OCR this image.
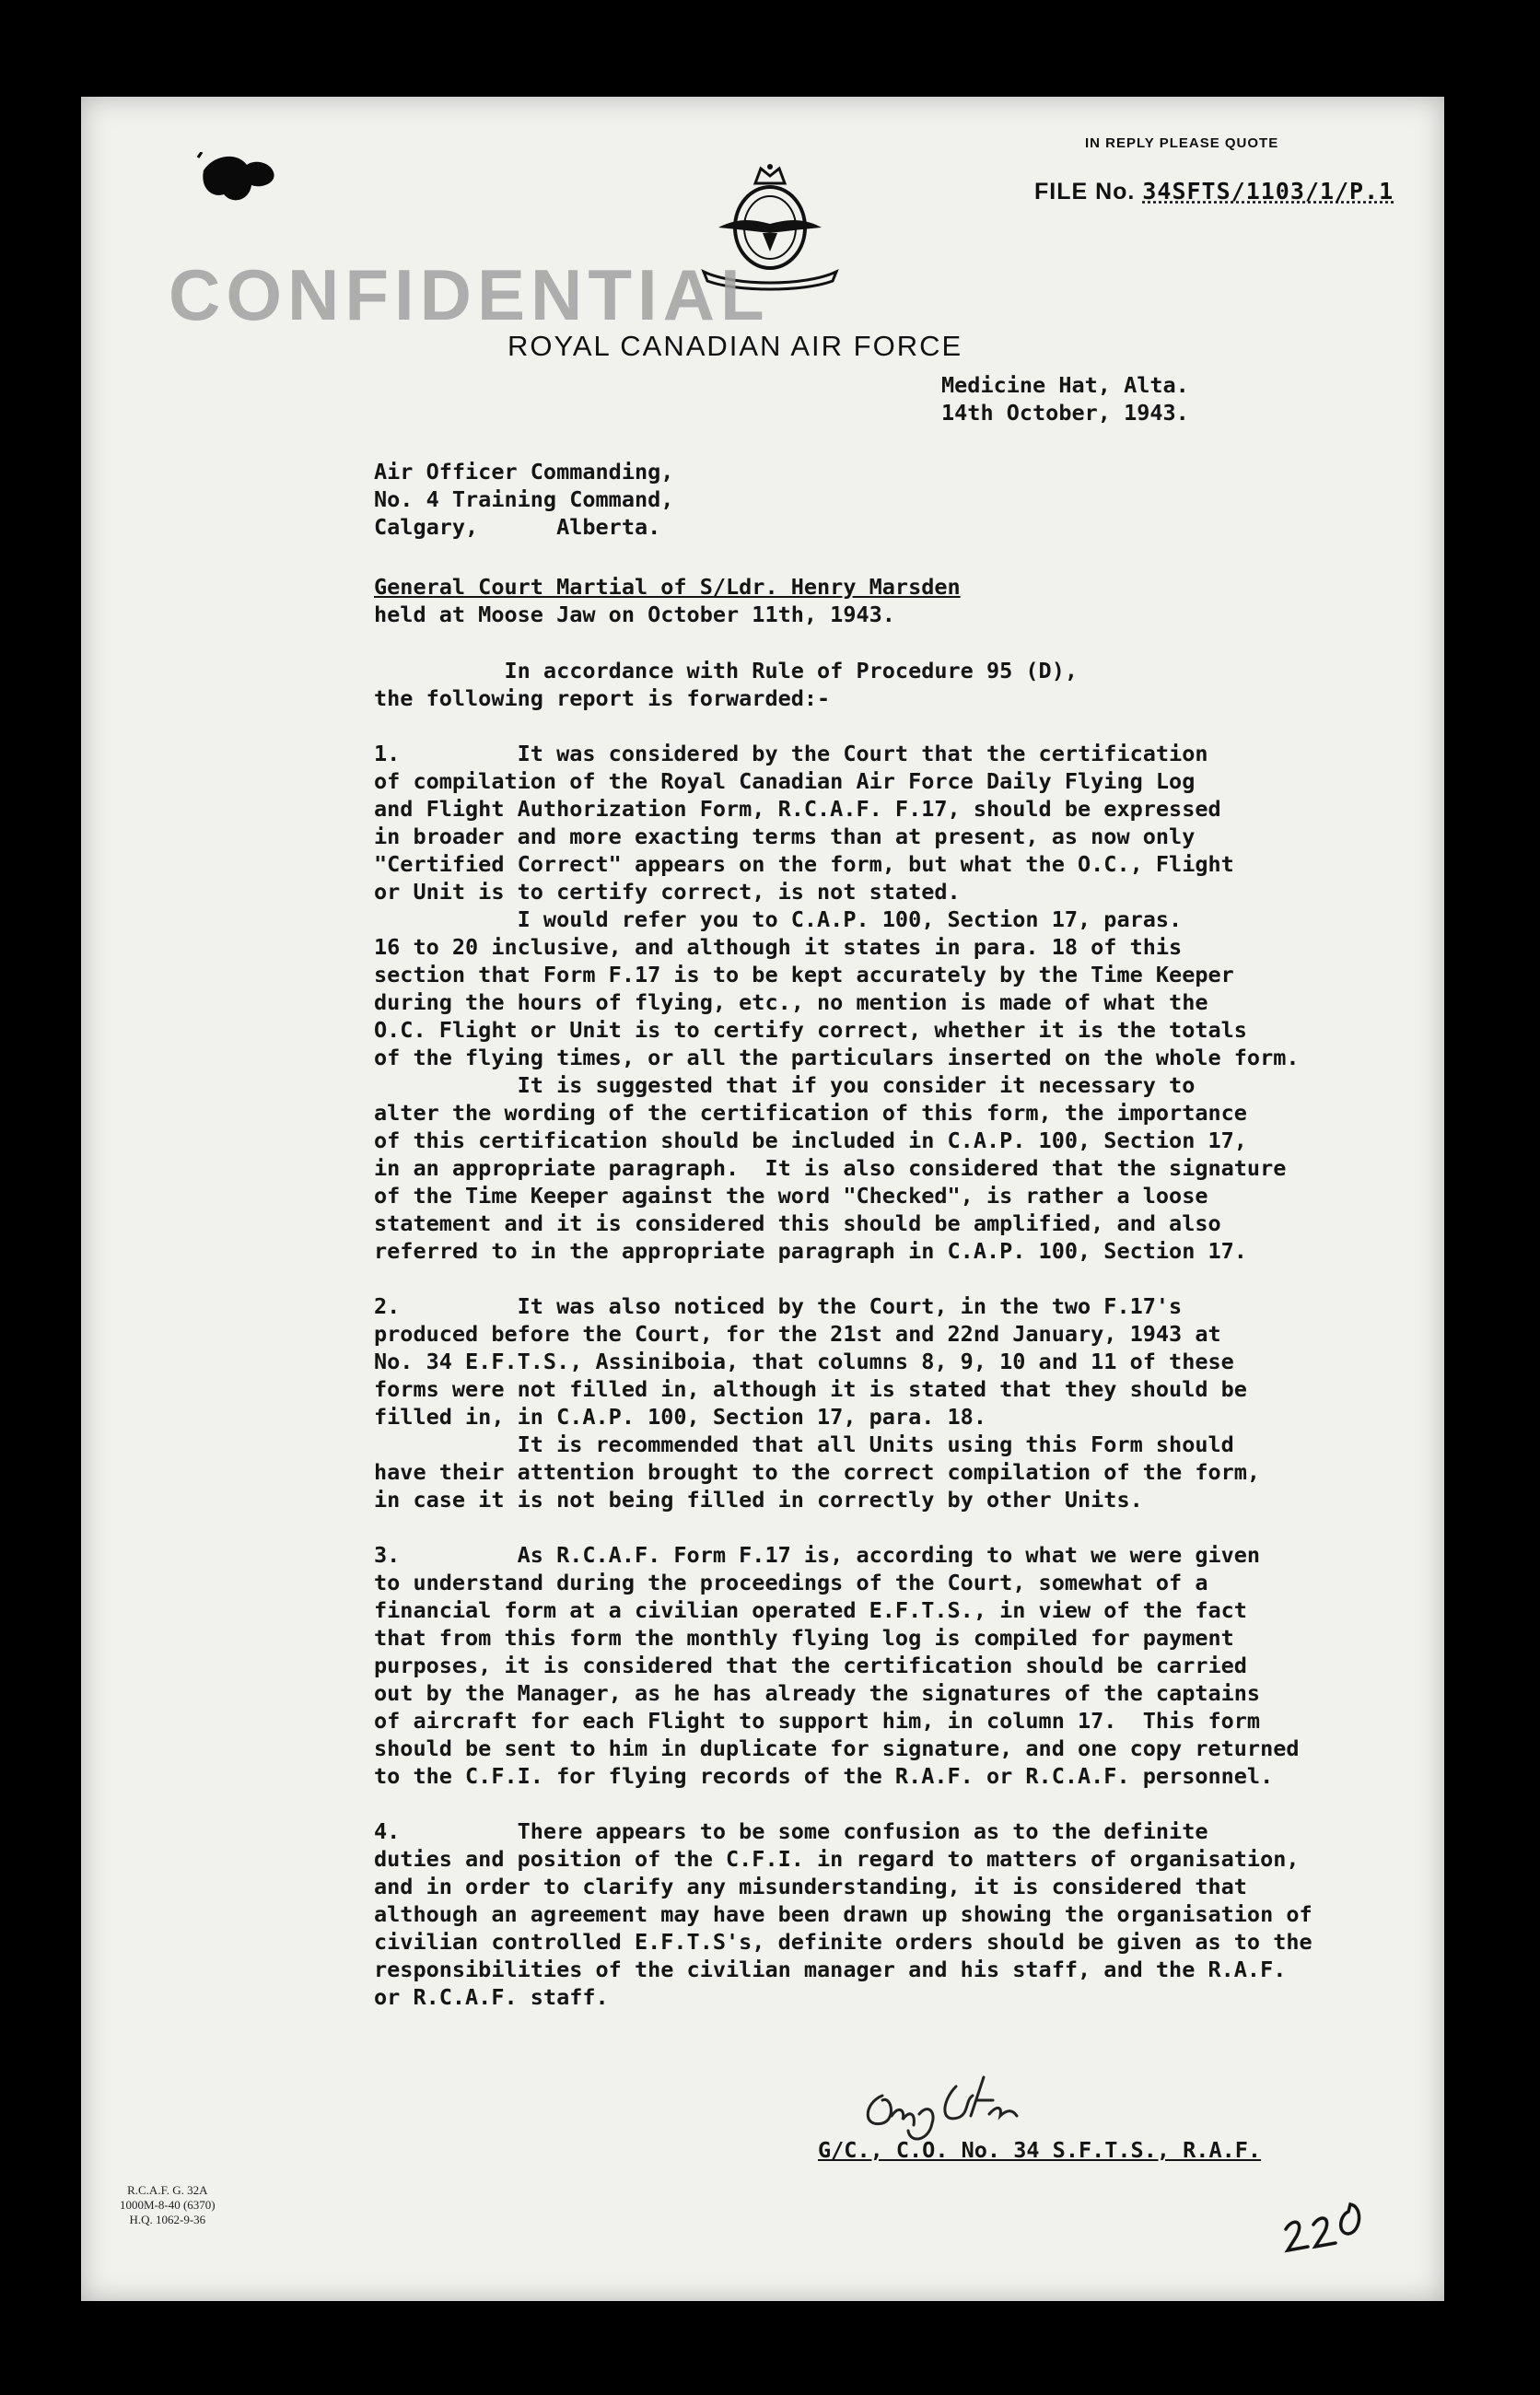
IN REPLY PLEASE QUOTE
FILE No. 34SFTS/1103/1/P.1
CONFIDENTIAL
ROYAL CANADIAN AIR FORCE
Medicine Hat, Alta.
14th October, 1943.
Air Officer Commanding,
No. 4 Training Command,
Calgary,      Alberta.
General Court Martial of S/Ldr. Henry Marsden
held at Moose Jaw on October 11th, 1943.
In accordance with Rule of Procedure 95 (D),
the following report is forwarded:-
1.         It was considered by the Court that the certification
of compilation of the Royal Canadian Air Force Daily Flying Log
and Flight Authorization Form, R.C.A.F. F.17, should be expressed
in broader and more exacting terms than at present, as now only
"Certified Correct" appears on the form, but what the O.C., Flight
or Unit is to certify correct, is not stated.
I would refer you to C.A.P. 100, Section 17, paras.
16 to 20 inclusive, and although it states in para. 18 of this
section that Form F.17 is to be kept accurately by the Time Keeper
during the hours of flying, etc., no mention is made of what the
O.C. Flight or Unit is to certify correct, whether it is the totals
of the flying times, or all the particulars inserted on the whole form.
It is suggested that if you consider it necessary to
alter the wording of the certification of this form, the importance
of this certification should be included in C.A.P. 100, Section 17,
in an appropriate paragraph.  It is also considered that the signature
of the Time Keeper against the word "Checked", is rather a loose
statement and it is considered this should be amplified, and also
referred to in the appropriate paragraph in C.A.P. 100, Section 17.
2.         It was also noticed by the Court, in the two F.17's
produced before the Court, for the 21st and 22nd January, 1943 at
No. 34 E.F.T.S., Assiniboia, that columns 8, 9, 10 and 11 of these
forms were not filled in, although it is stated that they should be
filled in, in C.A.P. 100, Section 17, para. 18.
It is recommended that all Units using this Form should
have their attention brought to the correct compilation of the form,
in case it is not being filled in correctly by other Units.
3.         As R.C.A.F. Form F.17 is, according to what we were given
to understand during the proceedings of the Court, somewhat of a
financial form at a civilian operated E.F.T.S., in view of the fact
that from this form the monthly flying log is compiled for payment
purposes, it is considered that the certification should be carried
out by the Manager, as he has already the signatures of the captains
of aircraft for each Flight to support him, in column 17.  This form
should be sent to him in duplicate for signature, and one copy returned
to the C.F.I. for flying records of the R.A.F. or R.C.A.F. personnel.
4.         There appears to be some confusion as to the definite
duties and position of the C.F.I. in regard to matters of organisation,
and in order to clarify any misunderstanding, it is considered that
although an agreement may have been drawn up showing the organisation of
civilian controlled E.F.T.S's, definite orders should be given as to the
responsibilities of the civilian manager and his staff, and the R.A.F.
or R.C.A.F. staff.
G/C., C.O. No. 34 S.F.T.S., R.A.F.
R.C.A.F. G. 32A
1000M-8-40 (6370)
H.Q. 1062-9-36
